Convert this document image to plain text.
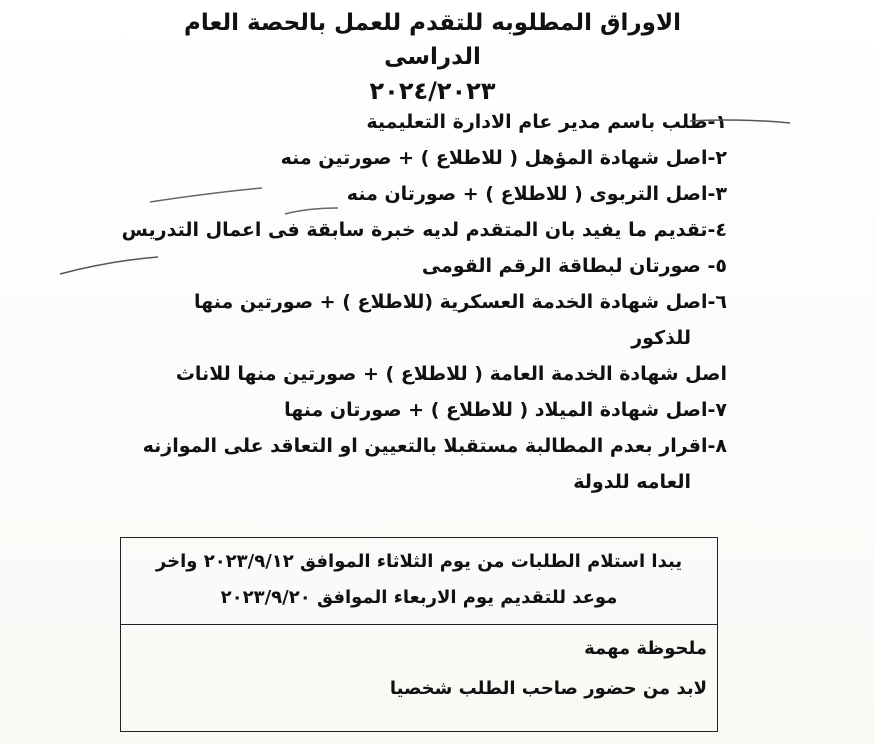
الاوراق المطلوبه للتقدم للعمل بالحصة العام الدراسى
٢٠٢٤/٢٠٢٣
١-طلب باسم مدير عام الادارة التعليمية
٢-اصل شهادة المؤهل ( للاطلاع ) + صورتين منه
٣-اصل التربوى ( للاطلاع ) + صورتان منه
٤-تقديم ما يفيد بان المتقدم لديه خبرة سابقة فى اعمال التدريس
٥- صورتان لبطاقة الرقم القومى
٦-اصل شهادة الخدمة العسكرية (للاطلاع ) + صورتين منها
للذكور
اصل شهادة الخدمة العامة ( للاطلاع ) + صورتين منها للاناث
٧-اصل شهادة الميلاد ( للاطلاع ) + صورتان منها
٨-اقرار بعدم المطالبة مستقبلا بالتعيين او التعاقد على الموازنه
العامه للدولة
يبدا استلام الطلبات من يوم الثلاثاء الموافق ٢٠٢٣/٩/١٢ واخر
موعد للتقديم يوم الاربعاء الموافق ٢٠٢٣/٩/٢٠
ملحوظة مهمة
لابد من حضور صاحب الطلب شخصيا
